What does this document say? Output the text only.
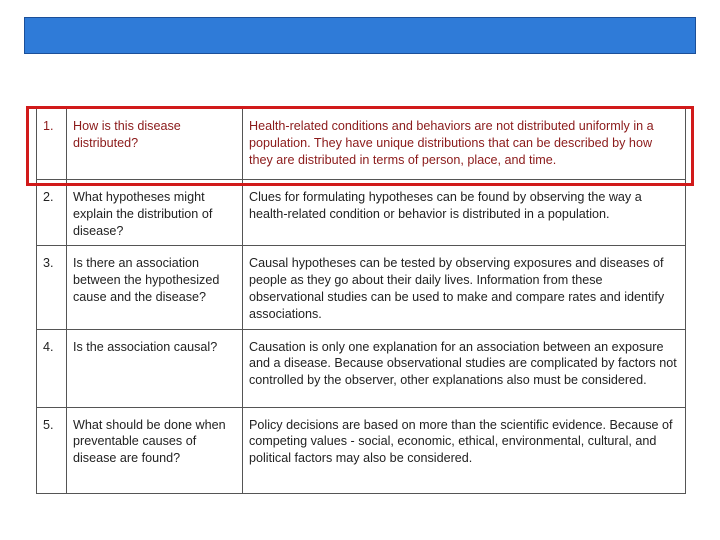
1.	How is this disease distributed?	Health-related conditions and behaviors are not distributed uniformly in a population. They have unique distributions that can be described by how they are distributed in terms of person, place, and time.
2.	What hypotheses might explain the distribution of disease?	Clues for formulating hypotheses can be found by observing the way a health-related condition or behavior is distributed in a population.
3.	Is there an association between the hypothesized cause and the disease?	Causal hypotheses can be tested by observing exposures and diseases of people as they go about their daily lives. Information from these observational studies can be used to make and compare rates and identify associations.
4.	Is the association causal?	Causation is only one explanation for an association between an exposure and a disease. Because observational studies are complicated by factors not controlled by the observer, other explanations also must be considered.
5.	What should be done when preventable causes of disease are found?	Policy decisions are based on more than the scientific evidence. Because of competing values - social, economic, ethical, environmental, cultural, and political factors may also be considered.
